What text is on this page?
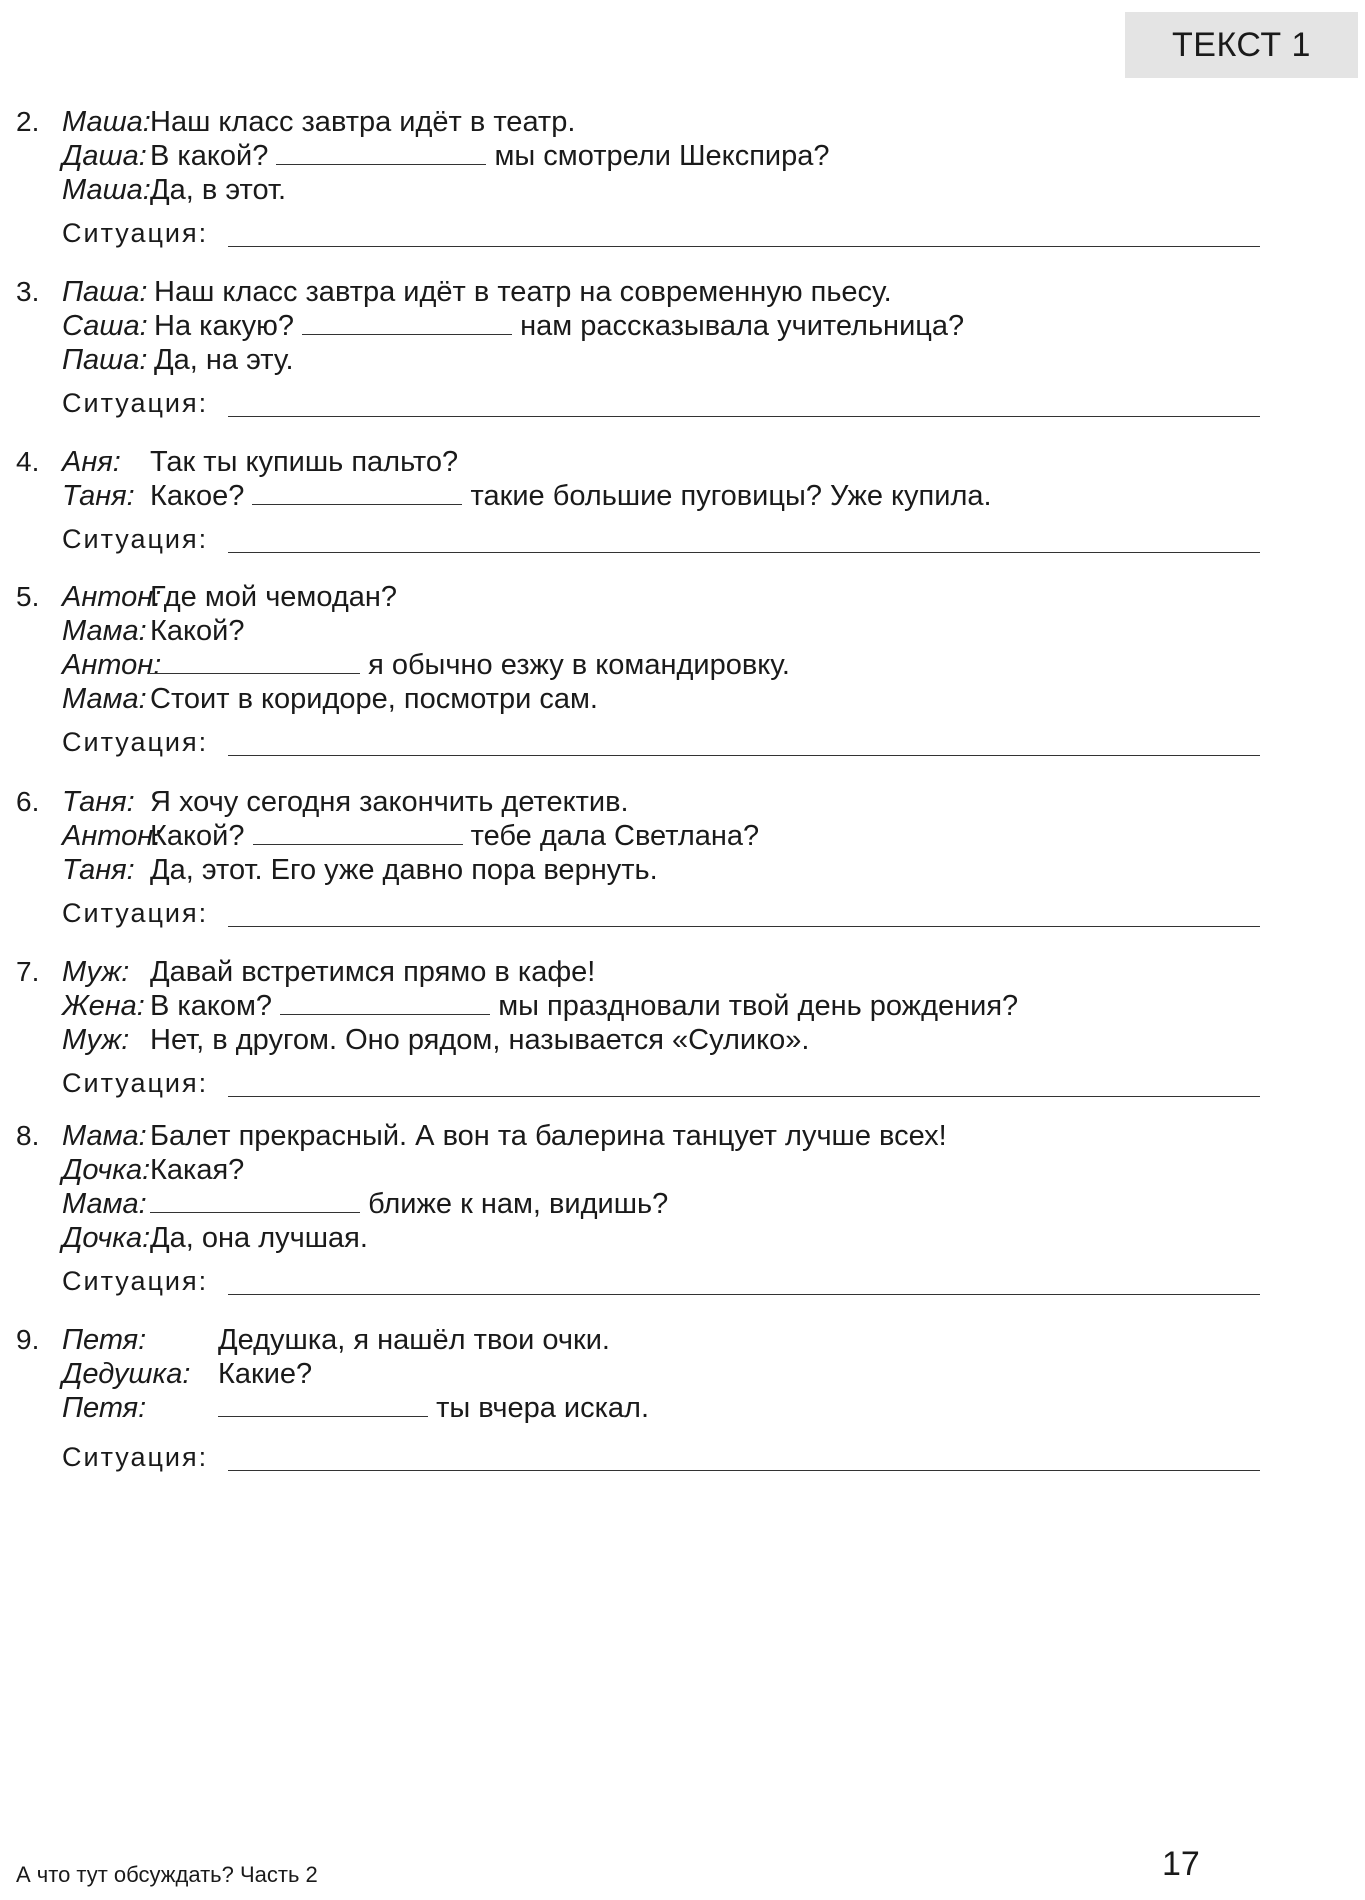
ТЕКСТ 1
2. Маша: Наш класс завтра идёт в театр.
Даша: В какой?	мы смотрели Шекспира?
Маша: Да, в этот.
Ситуация:
3. Паша: Наш класс завтра идёт в театр на современную пьесу.
Саша: На какую?	нам рассказывала учительница?
Паша: Да, на эту.
Ситуация:
4. Аня: Так ты купишь пальто?
Таня: Какое?	такие большие пуговицы? Уже купила.
Ситуация:
5. Антон:
Где мой чемодан?
Мама: Какой?
Антон:	я обычно езжу в командировку.
Мама: Стоит в коридоре, посмотри сам.
Ситуация:
6. Таня: Я хочу сегодня закончить детектив.
Антон:
Какой?	тебе дала Светлана?
Таня: Да, этот. Его уже давно пора вернуть.
Ситуация:
7. Муж: Давай встретимся прямо в кафе!
Жена: В каком?	мы праздновали твой день рождения?
Муж: Нет, в другом. Оно рядом, называется «Сулико».
Ситуация:
8. Мама: Балет прекрасный. А вон та балерина танцует лучше всех!
Дочка: Какая?
Мама:	ближе к нам, видишь?
Дочка: Да, она лучшая.
Ситуация:
9. Петя: Дедушка, я нашёл твои очки.
Дедушка: Какие?
Петя:	ты вчера искал.
Ситуация:
А что тут обсуждать? Часть 2	17
